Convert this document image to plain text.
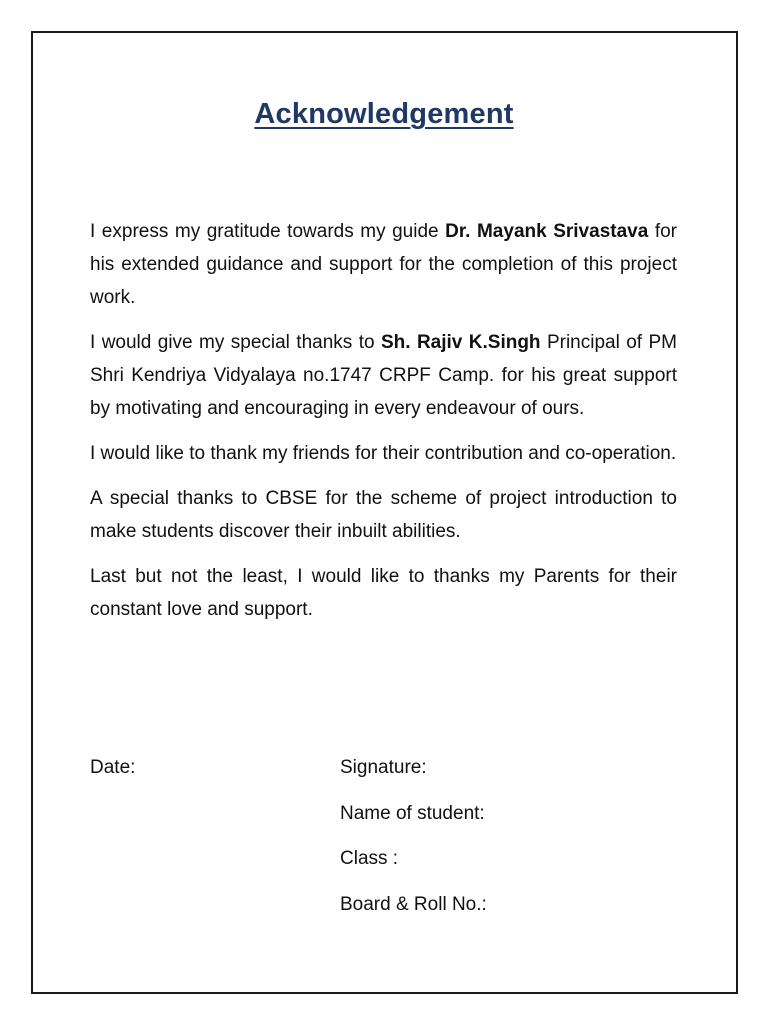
Acknowledgement

I express my gratitude towards my guide Dr. Mayank Srivastava for his extended guidance and support for the completion of this project work.

I would give my special thanks to Sh. Rajiv K.Singh Principal of PM Shri Kendriya Vidyalaya no.1747 CRPF Camp. for his great support by motivating and encouraging in every endeavour of ours.

I would like to thank my friends for their contribution and co-operation.

A special thanks to CBSE for the scheme of project introduction to make students discover their inbuilt abilities.

Last but not the least, I would like to thanks my Parents for their constant love and support.

Date:	Signature:
Name of student:
Class :
Board & Roll No.:
